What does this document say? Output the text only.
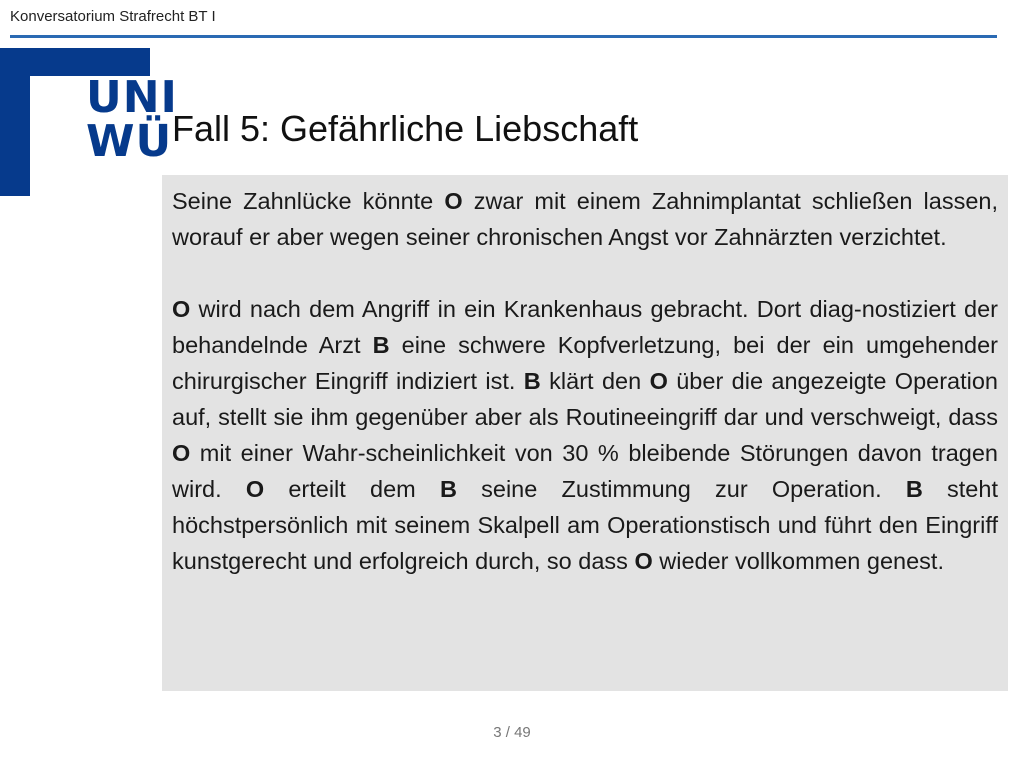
Konversatorium Strafrecht BT I
UNI
WÜ Fall 5: Gefährliche Liebschaft

Seine Zahnlücke könnte O zwar mit einem Zahnimplantat schließen lassen, worauf er aber wegen seiner chronischen Angst vor Zahnärzten verzichtet.

O wird nach dem Angriff in ein Krankenhaus gebracht. Dort diag-nostiziert der behandelnde Arzt B eine schwere Kopfverletzung, bei der ein umgehender chirurgischer Eingriff indiziert ist. B klärt den O über die angezeigte Operation auf, stellt sie ihm gegenüber aber als Routineeingriff dar und verschweigt, dass O mit einer Wahr-scheinlichkeit von 30 % bleibende Störungen davon tragen wird. O erteilt dem B seine Zustimmung zur Operation. B steht höchstpersönlich mit seinem Skalpell am Operationstisch und führt den Eingriff kunstgerecht und erfolgreich durch, so dass O wieder vollkommen genest.

3 / 49
